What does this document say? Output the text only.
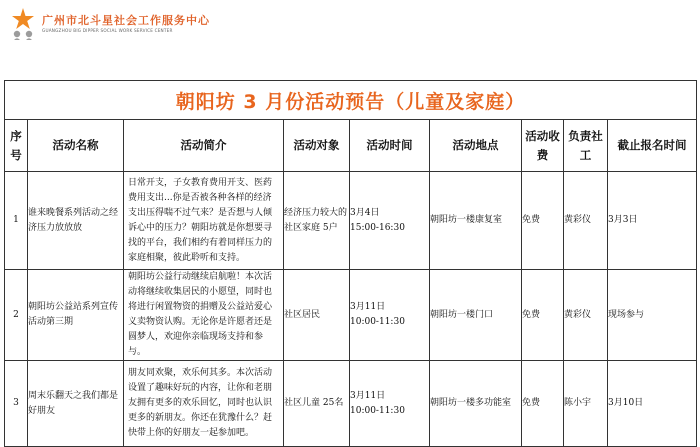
广州市北斗星社会工作服务中心
GUANGZHOU BIG DIPPER SOCIAL WORK SERVICE CENTER
朝阳坊 3 月份活动预告（儿童及家庭）								
序号	活动名称	活动简介	活动对象	活动时间	活动地点	活动收费	负责社工	截止报名时间
1	谁来晚餐系列活动之经济压力放放放	日常开支，子女教育费用开支、医药费用支出...你是否被各种各样的经济支出压得喘不过气来？是否想与人倾诉心中的压力？朝阳坊就是你想要寻找的平台，我们相约有着同样压力的家庭相聚，彼此聆听和支持。	经济压力较大的社区家庭 5户	3月4日
15:00-16:30	朝阳坊一楼康复室	免费	黄彩仪	3月3日
2	朝阳坊公益站系列宣传活动第三期	朝阳坊公益行动继续启航啦！本次活动将继续收集居民的小愿望，同时也将进行闲置物资的捐赠及公益站爱心义卖物资认购。无论你是许愿者还是圆梦人，欢迎你亲临现场支持和参与。	社区居民	3月11日
10:00-11:30	朝阳坊一楼门口	免费	黄彩仪	现场参与
3	周末乐翻天之我们都是好朋友	朋友同欢聚，欢乐何其多。本次活动设置了趣味好玩的内容，让你和老朋友拥有更多的欢乐回忆，同时也认识更多的新朋友。你还在犹豫什么？赶快带上你的好朋友一起参加吧。	社区儿童 25名	3月11日
10:00-11:30	朝阳坊一楼多功能室	免费	陈小宇	3月10日
